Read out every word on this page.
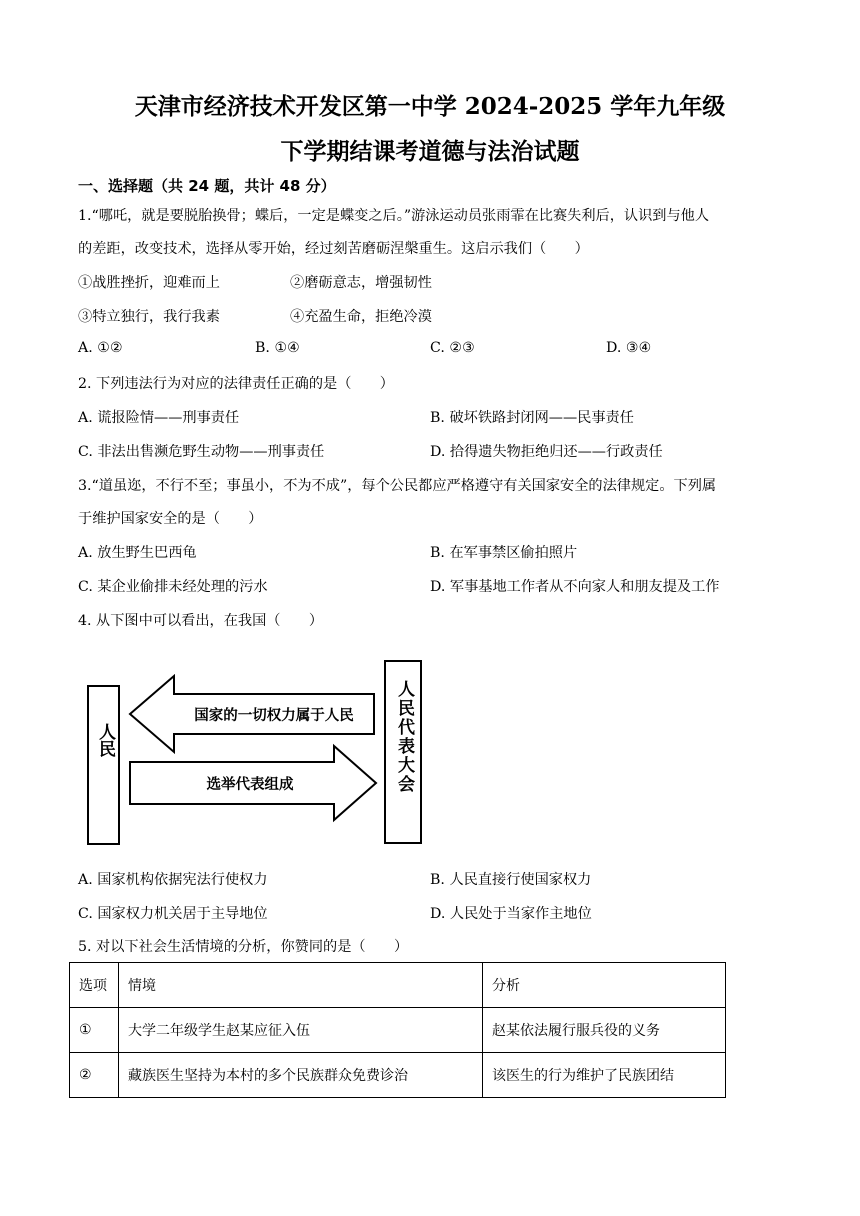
天津市经济技术开发区第一中学 2024-2025 学年九年级
下学期结课考道德与法治试题
一、选择题（共 24 题，共计 48 分）
1.“哪吒，就是要脱胎换骨；蝶后，一定是蝶变之后。”游泳运动员张雨霏在比赛失利后，认识到与他人
的差距，改变技术，选择从零开始，经过刻苦磨砺涅槃重生。这启示我们（　　）
①战胜挫折，迎难而上	②磨砺意志，增强韧性
③特立独行，我行我素	④充盈生命，拒绝冷漠
A. ①②	B. ①④	C. ②③	D. ③④
2. 下列违法行为对应的法律责任正确的是（　　）
A. 谎报险情——刑事责任	B. 破坏铁路封闭网——民事责任
C. 非法出售濒危野生动物——刑事责任	D. 拾得遗失物拒绝归还——行政责任
3.“道虽迩，不行不至；事虽小，不为不成”，每个公民都应严格遵守有关国家安全的法律规定。下列属
于维护国家安全的是（　　）
A. 放生野生巴西龟	B. 在军事禁区偷拍照片
C. 某企业偷排未经处理的污水	D. 军事基地工作者从不向家人和朋友提及工作
4. 从下图中可以看出，在我国（　　）
人民	人民代表大会
国家的一切权力属于人民
选举代表组成
A. 国家机构依据宪法行使权力	B. 人民直接行使国家权力
C. 国家权力机关居于主导地位	D. 人民处于当家作主地位
5. 对以下社会生活情境的分析，你赞同的是（　　）
选项	情境	分析
①	大学二年级学生赵某应征入伍	赵某依法履行服兵役的义务
②	藏族医生坚持为本村的多个民族群众免费诊治	该医生的行为维护了民族团结
